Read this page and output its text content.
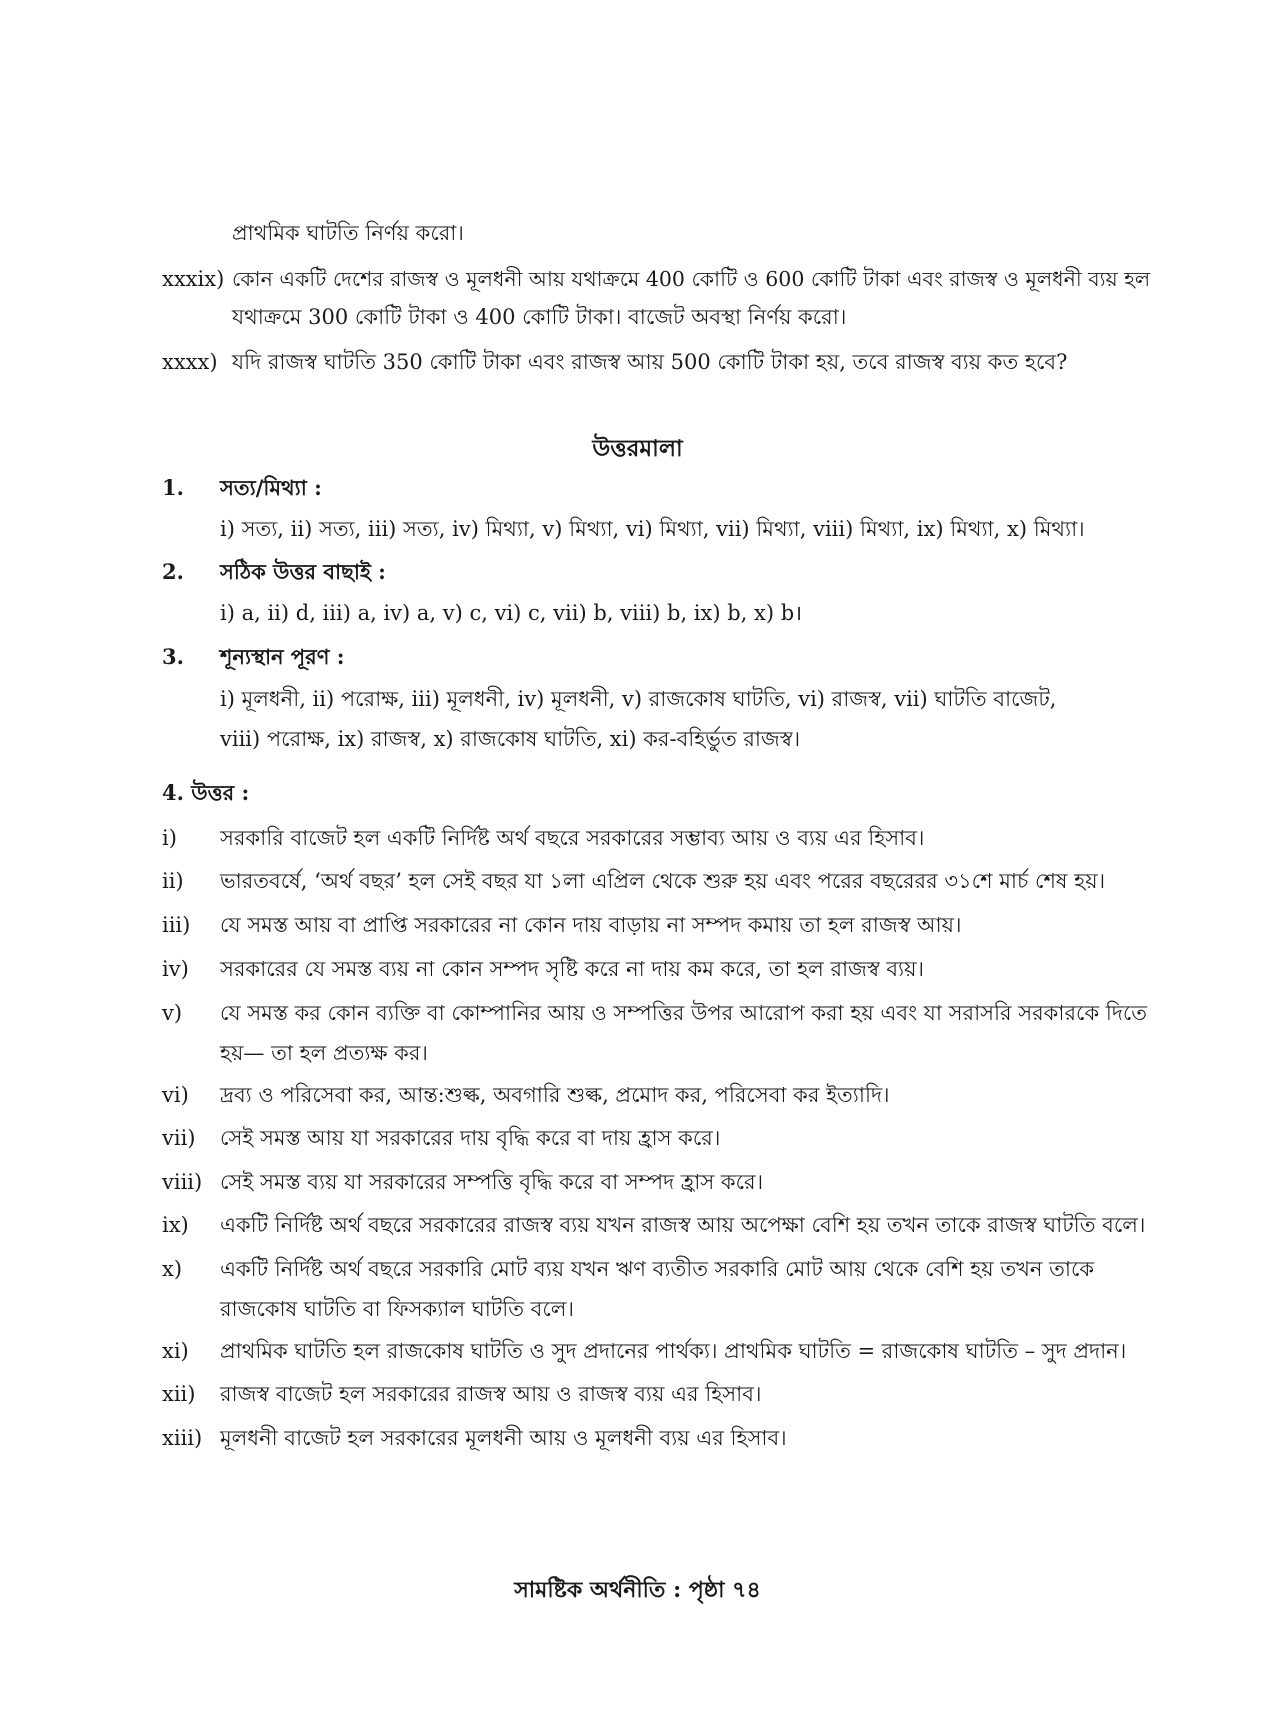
প্রাথমিক ঘাটতি নির্ণয় করো।
xxxix) কোন একটি দেশের রাজস্ব ও মূলধনী আয় যথাক্রমে 400 কোটি ও 600 কোটি টাকা এবং রাজস্ব ও মূলধনী ব্যয় হল
যথাক্রমে 300 কোটি টাকা ও 400 কোটি টাকা। বাজেট অবস্থা নির্ণয় করো।
xxxx) যদি রাজস্ব ঘাটতি 350 কোটি টাকা এবং রাজস্ব আয় 500 কোটি টাকা হয়, তবে রাজস্ব ব্যয় কত হবে?
উত্তরমালা
1. সত্য/মিথ্যা :
i) সত্য, ii) সত্য, iii) সত্য, iv) মিথ্যা, v) মিথ্যা, vi) মিথ্যা, vii) মিথ্যা, viii) মিথ্যা, ix) মিথ্যা, x) মিথ্যা।
2. সঠিক উত্তর বাছাই :
i) a, ii) d, iii) a, iv) a, v) c, vi) c, vii) b, viii) b, ix) b, x) b।
3. শূন্যস্থান পূরণ :
i) মূলধনী, ii) পরোক্ষ, iii) মূলধনী, iv) মূলধনী, v) রাজকোষ ঘাটতি, vi) রাজস্ব, vii) ঘাটতি বাজেট,
viii) পরোক্ষ, ix) রাজস্ব, x) রাজকোষ ঘাটতি, xi) কর-বহির্ভুত রাজস্ব।
4. উত্তর :
i) সরকারি বাজেট হল একটি নির্দিষ্ট অর্থ বছরে সরকারের সম্ভাব্য আয় ও ব্যয় এর হিসাব।
ii) ভারতবর্ষে, ‘অর্থ বছর’ হল সেই বছর যা ১লা এপ্রিল থেকে শুরু হয় এবং পরের বছরেরর ৩১শে মার্চ শেষ হয়।
iii) যে সমস্ত আয় বা প্রাপ্তি সরকারের না কোন দায় বাড়ায় না সম্পদ কমায় তা হল রাজস্ব আয়।
iv) সরকারের যে সমস্ত ব্যয় না কোন সম্পদ সৃষ্টি করে না দায় কম করে, তা হল রাজস্ব ব্যয়।
v) যে সমস্ত কর কোন ব্যক্তি বা কোম্পানির আয় ও সম্পত্তির উপর আরোপ করা হয় এবং যা সরাসরি সরকারকে দিতে হয়— তা হল প্রত্যক্ষ কর।
vi) দ্রব্য ও পরিসেবা কর, আন্ত:শুল্ক, অবগারি শুল্ক, প্রমোদ কর, পরিসেবা কর ইত্যাদি।
vii) সেই সমস্ত আয় যা সরকারের দায় বৃদ্ধি করে বা দায় হ্রাস করে।
viii) সেই সমস্ত ব্যয় যা সরকারের সম্পত্তি বৃদ্ধি করে বা সম্পদ হ্রাস করে।
ix) একটি নির্দিষ্ট অর্থ বছরে সরকারের রাজস্ব ব্যয় যখন রাজস্ব আয় অপেক্ষা বেশি হয় তখন তাকে রাজস্ব ঘাটতি বলে।
x) একটি নির্দিষ্ট অর্থ বছরে সরকারি মোট ব্যয় যখন ঋণ ব্যতীত সরকারি মোট আয় থেকে বেশি হয় তখন তাকে রাজকোষ ঘাটতি বা ফিসক্যাল ঘাটতি বলে।
xi) প্রাথমিক ঘাটতি হল রাজকোষ ঘাটতি ও সুদ প্রদানের পার্থক্য। প্রাথমিক ঘাটতি = রাজকোষ ঘাটতি – সুদ প্রদান।
xii) রাজস্ব বাজেট হল সরকারের রাজস্ব আয় ও রাজস্ব ব্যয় এর হিসাব।
xiii) মূলধনী বাজেট হল সরকারের মূলধনী আয় ও মূলধনী ব্যয় এর হিসাব।
সামষ্টিক অর্থনীতি : পৃষ্ঠা ৭৪
